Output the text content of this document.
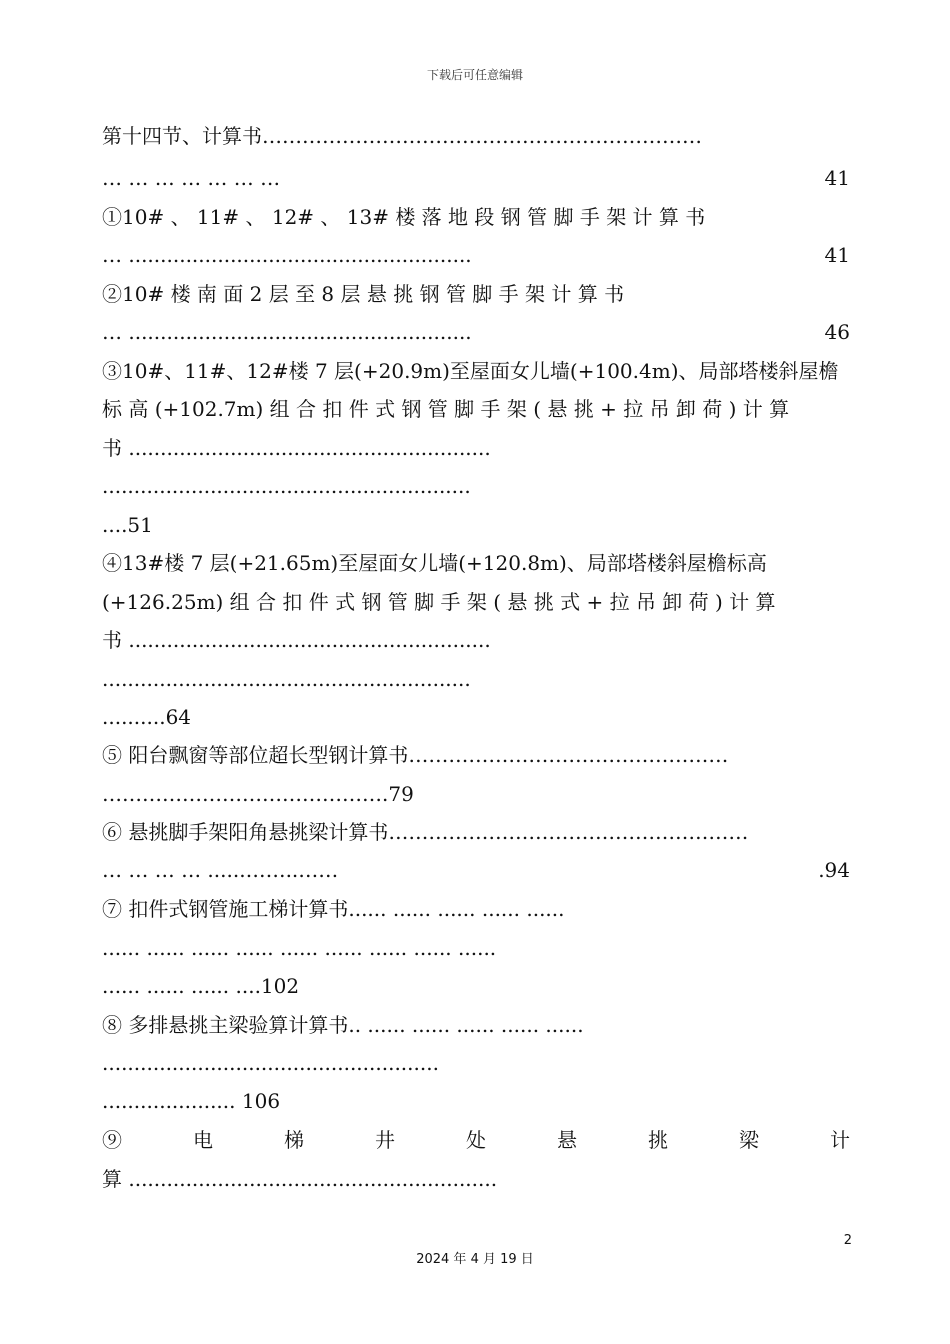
下载后可任意编辑
第十四节、计算书…………………………………………………………
… … … … … … …	41
①10# 、 11# 、 12# 、 13# 楼 落 地 段 钢 管 脚 手 架 计 算 书
… ......................................................	41
②10# 楼 南 面 2 层 至 8 层 悬 挑 钢 管 脚 手 架 计 算 书
… ......................................................	46
③10#、11#、12#楼 7 层(+20.9m)至屋面女儿墙(+100.4m)、局部塔楼斜屋檐
标 高 (+102.7m) 组 合 扣 件 式 钢 管 脚 手 架 ( 悬 挑 + 拉 吊 卸 荷 ) 计 算
书 .........................................................
..........................................................
....51
④13#楼 7 层(+21.65m)至屋面女儿墙(+120.8m)、局部塔楼斜屋檐标高
(+126.25m) 组 合 扣 件 式 钢 管 脚 手 架 ( 悬 挑 式 + 拉 吊 卸 荷 ) 计 算
书 .........................................................
..........................................................
..........64
⑤ 阳台飘窗等部位超长型钢计算书…………………………………………
…………………………………….79
⑥ 悬挑脚手架阳角悬挑梁计算书………………………………………………
… … … … ......……..……	.94
⑦ 扣件式钢管施工梯计算书...... ...... ...... ...... ......
...... ...... ...... ...... ...... ...... ...... ...... ......
...... ...... ...... ....102
⑧ 多排悬挑主梁验算计算书.. ...... ...... ...... ...... ......
.....................................................
..................... 106
⑨ 电 梯 井 处 悬 挑 梁 计
算 ..........................................................
2
2024 年 4 月 19 日
